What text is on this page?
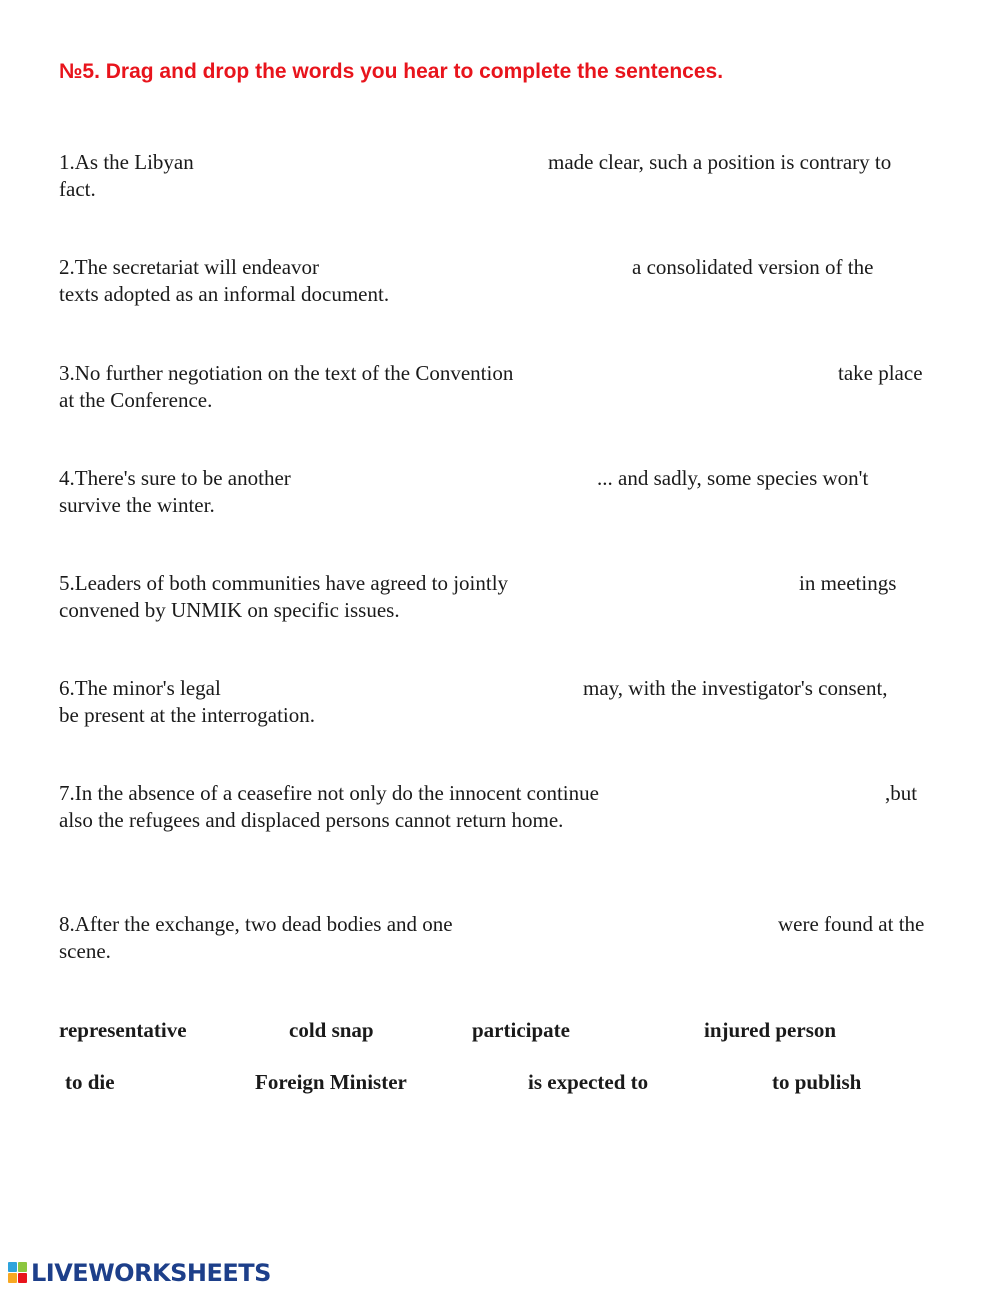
№5. Drag and drop the words you hear to complete the sentences.
1.As the Libyan	made clear, such a position is contrary to
fact.
2.The secretariat will endeavor	a consolidated version of the
texts adopted as an informal document.
3.No further negotiation on the text of the Convention	take place
at the Conference.
4.There's sure to be another	... and sadly, some species won't
survive the winter.
5.Leaders of both communities have agreed to jointly	in meetings
convened by UNMIK on specific issues.
6.The minor's legal	may, with the investigator's consent,
be present at the interrogation.
7.In the absence of a ceasefire not only do the innocent continue	,but
also the refugees and displaced persons cannot return home.
8.After the exchange, two dead bodies and one	were found at the
scene.
representative	cold snap	participate	injured person
to die	Foreign Minister	is expected to	to publish
LIVEWORKSHEETS
